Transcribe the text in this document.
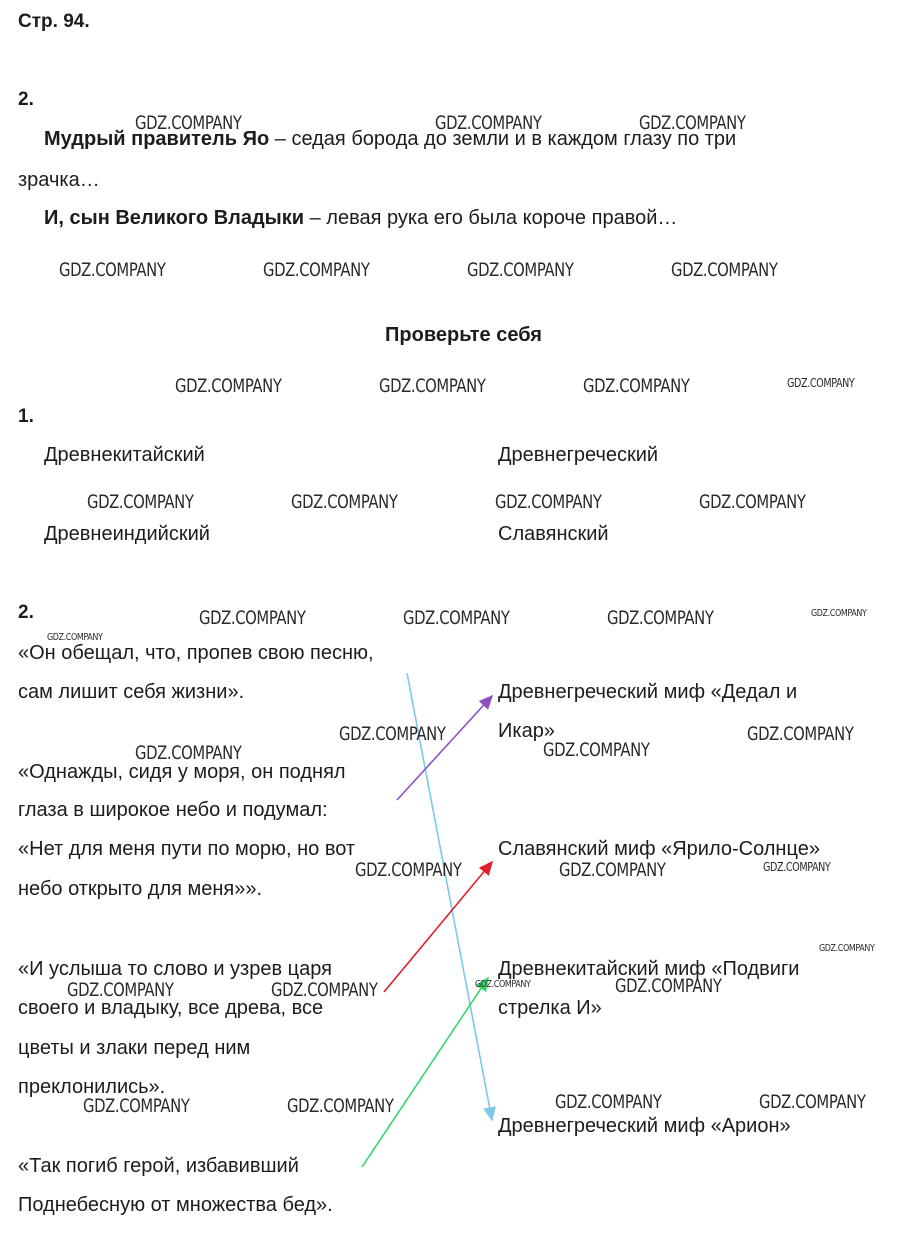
Стр. 94.
2.
Мудрый правитель Яо – седая борода до земли и в каждом глазу по три
зрачка…
И, сын Великого Владыки – левая рука его была короче правой…
Проверьте себя
1.
Древнекитайский	Древнегреческий
Древнеиндийский	Славянский
2.
«Он обещал, что, пропев свою песню,
сам лишит себя жизни».
«Однажды, сидя у моря, он поднял
глаза в широкое небо и подумал:
«Нет для меня пути по морю, но вот
небо открыто для меня»».
«И услыша то слово и узрев царя
своего и владыку, все древа, все
цветы и злаки перед ним
преклонились».
«Так погиб герой, избавивший
Поднебесную от множества бед».
Древнегреческий миф «Дедал и
Икар»
Славянский миф «Ярило-Солнце»
Древнекитайский миф «Подвиги
стрелка И»
Древнегреческий миф «Арион»
GDZ.COMPANY	GDZ.COMPANY	GDZ.COMPANY
GDZ.COMPANY	GDZ.COMPANY	GDZ.COMPANY	GDZ.COMPANY
GDZ.COMPANY	GDZ.COMPANY	GDZ.COMPANY	GDZ.COMPANY
GDZ.COMPANY	GDZ.COMPANY	GDZ.COMPANY	GDZ.COMPANY
GDZ.COMPANY	GDZ.COMPANY	GDZ.COMPANY	GDZ.COMPANY
GDZ.COMPANY
GDZ.COMPANY	GDZ.COMPANY
GDZ.COMPANY	GDZ.COMPANY
GDZ.COMPANY	GDZ.COMPANY	GDZ.COMPANY
GDZ.COMPANY
GDZ.COMPANY	GDZ.COMPANY	GDZ.COMPANY	GDZ.COMPANY
GDZ.COMPANY	GDZ.COMPANY	GDZ.COMPANY	GDZ.COMPANY
